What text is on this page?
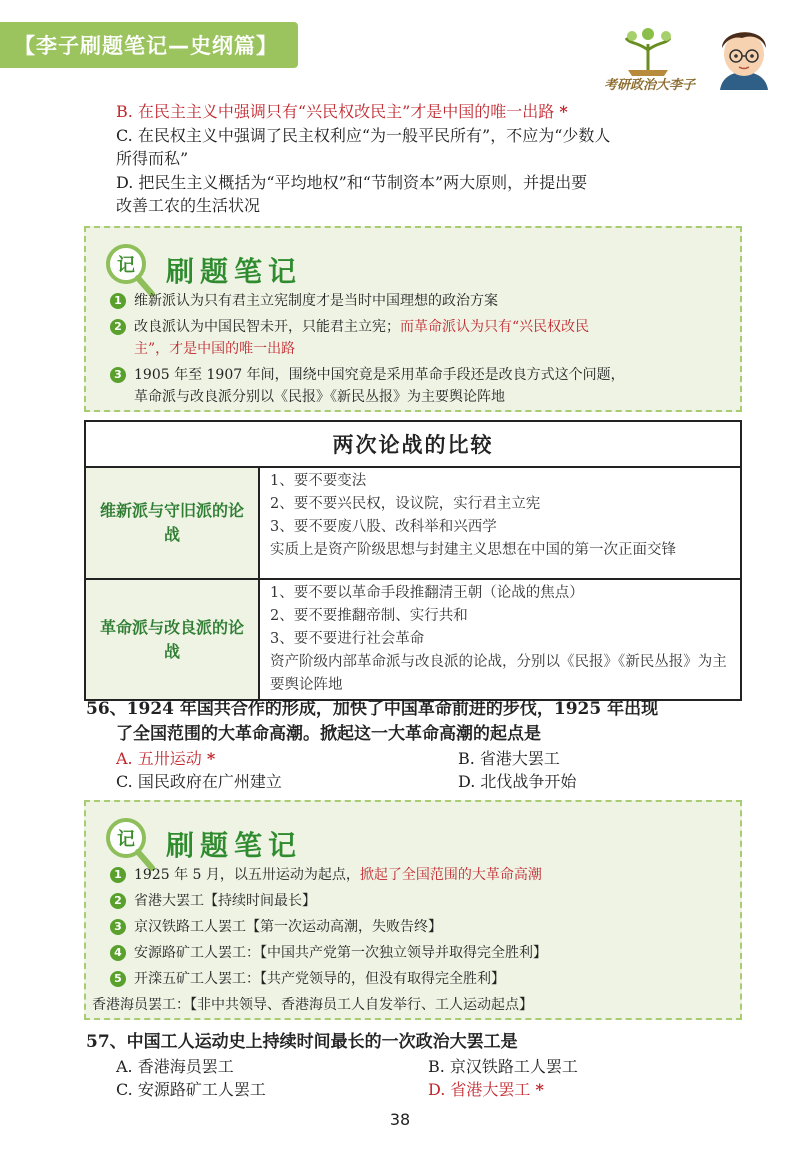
【李子刷题笔记—史纲篇】
考研政治大李子
B. 在民主主义中强调只有“兴民权改民主”才是中国的唯一出路 *
C. 在民权主义中强调了民主权利应“为一般平民所有”，不应为“少数人
所得而私”
D. 把民生主义概括为“平均地权”和“节制资本”两大原则，并提出要
改善工农的生活状况
记 刷题笔记
1 维新派认为只有君主立宪制度才是当时中国理想的政治方案
2 改良派认为中国民智未开，只能君主立宪；而革命派认为只有“兴民权改民
主”，才是中国的唯一出路
3 1905 年至 1907 年间，围绕中国究竟是采用革命手段还是改良方式这个问题，
革命派与改良派分别以《民报》《新民丛报》为主要舆论阵地
两次论战的比较	
维新派与守旧派的论战	1、要不要变法
2、要不要兴民权，设议院，实行君主立宪
3、要不要废八股、改科举和兴西学
实质上是资产阶级思想与封建主义思想在中国的第一次正面交锋

革命派与改良派的论战	1、要不要以革命手段推翻清王朝（论战的焦点）
2、要不要推翻帝制、实行共和
3、要不要进行社会革命
资产阶级内部革命派与改良派的论战，分别以《民报》《新民丛报》为主要舆论阵地
56、1924 年国共合作的形成，加快了中国革命前进的步伐，1925 年出现
了全国范围的大革命高潮。掀起这一大革命高潮的起点是
A. 五卅运动 *	B. 省港大罢工
C. 国民政府在广州建立	D. 北伐战争开始
记 刷题笔记
1 1925 年 5 月，以五卅运动为起点，掀起了全国范围的大革命高潮
2 省港大罢工【持续时间最长】
3 京汉铁路工人罢工【第一次运动高潮，失败告终】
4 安源路矿工人罢工：【中国共产党第一次独立领导并取得完全胜利】
5 开滦五矿工人罢工：【共产党领导的，但没有取得完全胜利】
香港海员罢工：【非中共领导、香港海员工人自发举行、工人运动起点】
57、中国工人运动史上持续时间最长的一次政治大罢工是
A. 香港海员罢工	B. 京汉铁路工人罢工
C. 安源路矿工人罢工	D. 省港大罢工 *
38
